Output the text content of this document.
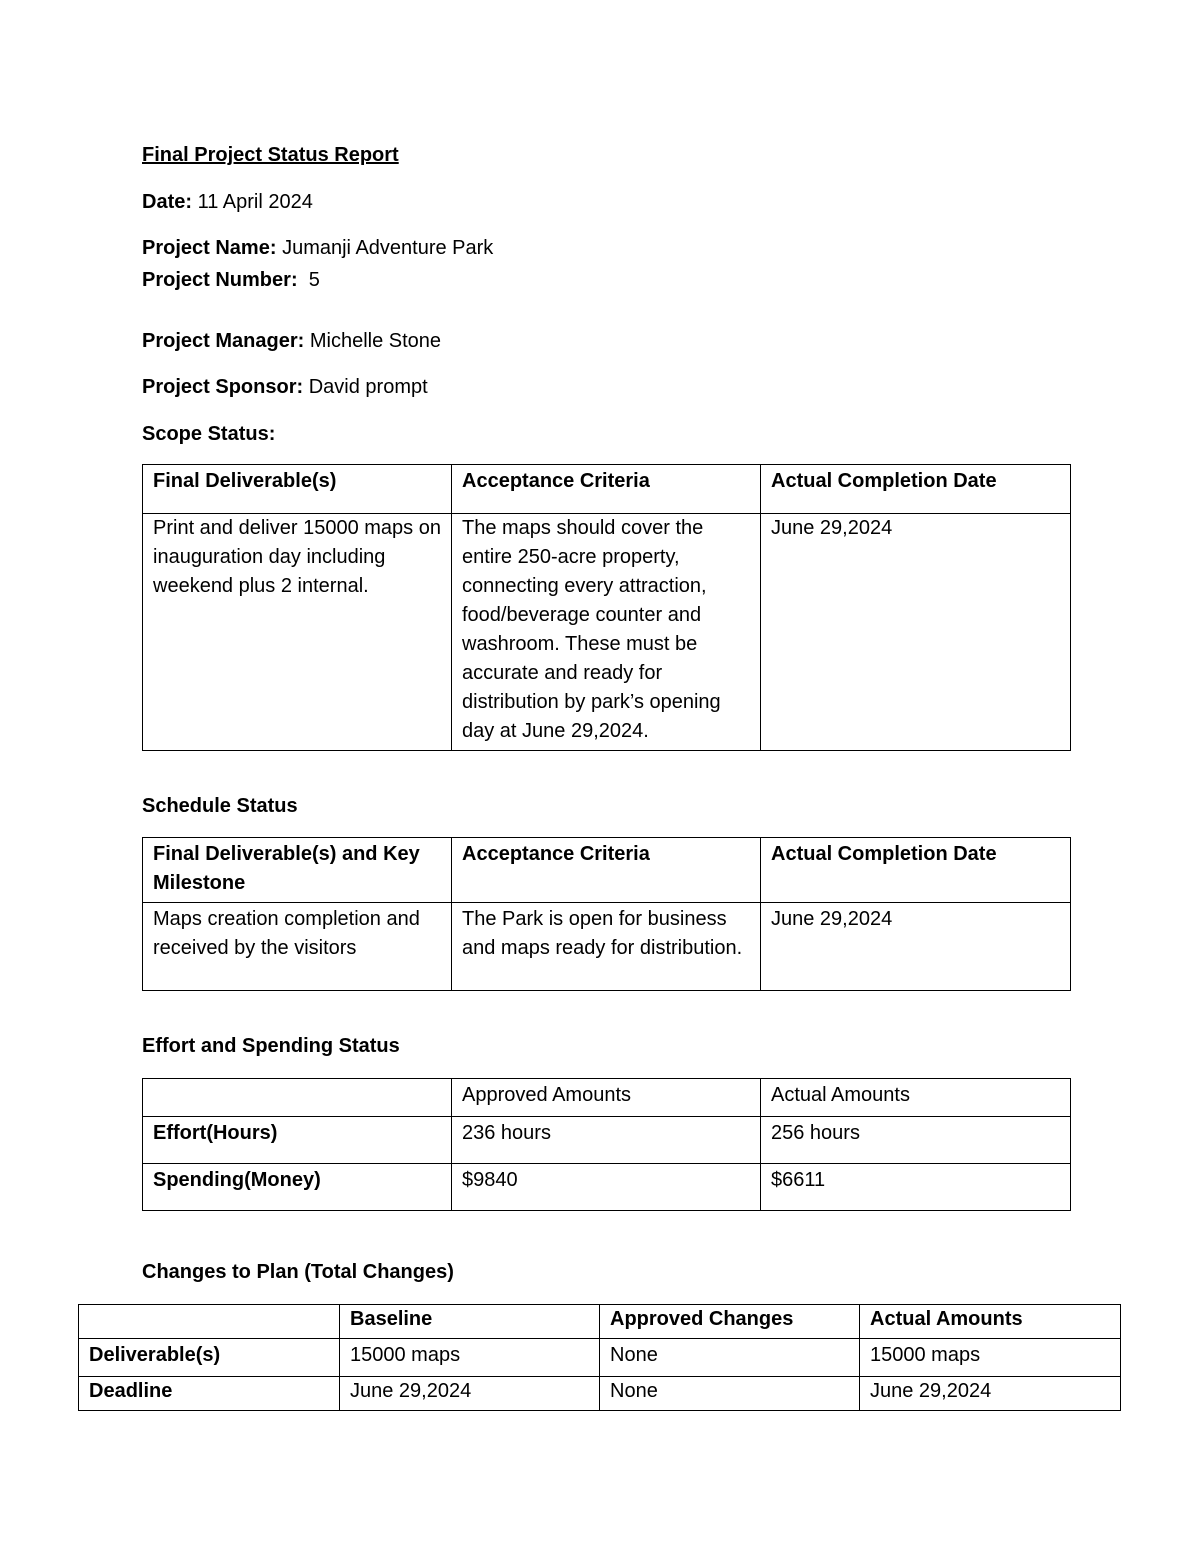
Final Project Status Report
Date: 11 April 2024
Project Name: Jumanji Adventure Park
Project Number: 5
Project Manager: Michelle Stone
Project Sponsor: David prompt
Scope Status:
Final Deliverable(s)	Acceptance Criteria	Actual Completion Date
Print and deliver 15000 maps on inauguration day including weekend plus 2 internal.	The maps should cover the entire 250-acre property, connecting every attraction, food/beverage counter and washroom. These must be accurate and ready for distribution by park’s opening day at June 29,2024.	June 29,2024
Schedule Status
Final Deliverable(s) and Key Milestone	Acceptance Criteria	Actual Completion Date
Maps creation completion and received by the visitors	The Park is open for business and maps ready for distribution.	June 29,2024
Effort and Spending Status
	Approved Amounts	Actual Amounts
Effort(Hours)	236 hours	256 hours
Spending(Money)	$9840	$6611
Changes to Plan (Total Changes)
	Baseline	Approved Changes	Actual Amounts
Deliverable(s)	15000 maps	None	15000 maps
Deadline	June 29,2024	None	June 29,2024
